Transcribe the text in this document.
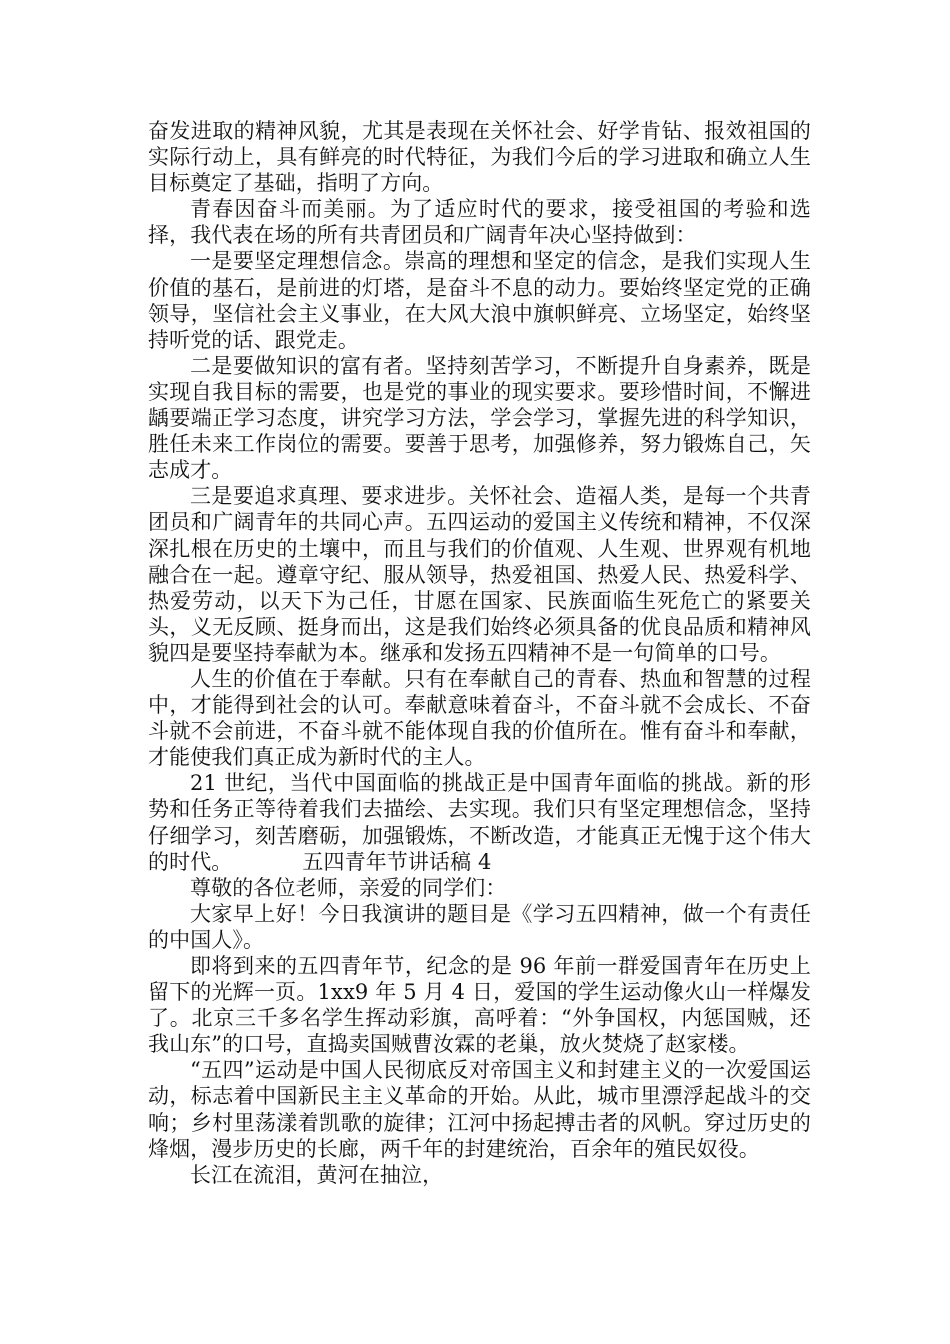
奋发进取的精神风貌，尤其是表现在关怀社会、好学肯钻、报效祖国的实际行动上，具有鲜亮的时代特征，为我们今后的学习进取和确立人生目标奠定了基础，指明了方向。

青春因奋斗而美丽。为了适应时代的要求，接受祖国的考验和选择，我代表在场的所有共青团员和广阔青年决心坚持做到：

一是要坚定理想信念。崇高的理想和坚定的信念，是我们实现人生价值的基石，是前进的灯塔，是奋斗不息的动力。要始终坚定党的正确领导，坚信社会主义事业，在大风大浪中旗帜鲜亮、立场坚定，始终坚持听党的话、跟党走。

二是要做知识的富有者。坚持刻苦学习，不断提升自身素养，既是实现自我目标的需要，也是党的事业的现实要求。要珍惜时间，不懈进龋要端正学习态度，讲究学习方法，学会学习，掌握先进的科学知识，胜任未来工作岗位的需要。要善于思考，加强修养，努力锻炼自己，矢志成才。

三是要追求真理、要求进步。关怀社会、造福人类，是每一个共青团员和广阔青年的共同心声。五四运动的爱国主义传统和精神，不仅深深扎根在历史的土壤中，而且与我们的价值观、人生观、世界观有机地融合在一起。遵章守纪、服从领导，热爱祖国、热爱人民、热爱科学、热爱劳动，以天下为己任，甘愿在国家、民族面临生死危亡的紧要关头，义无反顾、挺身而出，这是我们始终必须具备的优良品质和精神风貌四是要坚持奉献为本。继承和发扬五四精神不是一句简单的口号。

人生的价值在于奉献。只有在奉献自己的青春、热血和智慧的过程中，才能得到社会的认可。奉献意味着奋斗，不奋斗就不会成长、不奋斗就不会前进，不奋斗就不能体现自我的价值所在。惟有奋斗和奉献，才能使我们真正成为新时代的主人。

21 世纪，当代中国面临的挑战正是中国青年面临的挑战。新的形势和任务正等待着我们去描绘、去实现。我们只有坚定理想信念，坚持仔细学习，刻苦磨砺，加强锻炼，不断改造，才能真正无愧于这个伟大的时代。	五四青年节讲话稿 4

尊敬的各位老师，亲爱的同学们：

大家早上好！今日我演讲的题目是《学习五四精神，做一个有责任的中国人》。

即将到来的五四青年节，纪念的是 96 年前一群爱国青年在历史上留下的光辉一页。1xx9 年 5 月 4 日，爱国的学生运动像火山一样爆发了。北京三千多名学生挥动彩旗，高呼着：“外争国权，内惩国贼，还我山东”的口号，直捣卖国贼曹汝霖的老巢，放火焚烧了赵家楼。

“五四”运动是中国人民彻底反对帝国主义和封建主义的一次爱国运动，标志着中国新民主主义革命的开始。从此，城市里漂浮起战斗的交响；乡村里荡漾着凯歌的旋律；江河中扬起搏击者的风帆。穿过历史的烽烟，漫步历史的长廊，两千年的封建统治，百余年的殖民奴役。

长江在流泪，黄河在抽泣，
